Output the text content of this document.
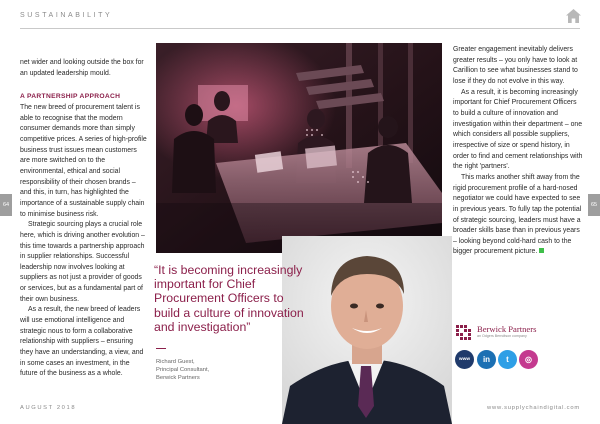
SUSTAINABILITY

net wider and looking outside the box for an updated leadership mould.

A PARTNERSHIP APPROACH

The new breed of procurement talent is able to recognise that the modern consumer demands more than simply competitive prices. A series of high-profile business trust issues mean customers are more switched on to the environmental, ethical and social responsibility of their chosen brands – and this, in turn, has highlighted the importance of a sustainable supply chain to minimise business risk.

Strategic sourcing plays a crucial role here, which is driving another evolution – this time towards a partnership approach in supplier relationships. Successful leadership now involves looking at suppliers as not just a provider of goods or services, but as a fundamental part of their own business.

As a result, the new breed of leaders will use emotional intelligence and strategic nous to form a collaborative relationship with suppliers – ensuring they have an understanding, a view, and in some cases an investment, in the future of the business as a whole.

Greater engagement inevitably delivers greater results – you only have to look at Carillion to see what businesses stand to lose if they do not evolve in this way.

As a result, it is becoming increasingly important for Chief Procurement Officers to build a culture of innovation and investigation within their department – one which considers all possible suppliers, irrespective of size or spend history, in order to find and cement relationships with the right 'partners'.

This marks another shift away from the rigid procurement profile of a hard-nosed negotiator we could have expected to see in previous years. To fully tap the potential of strategic sourcing, leaders must have a broader skills base than in previous years – looking beyond cold-hard cash to the bigger procurement picture.

“It is becoming increasingly important for Chief Procurement Officers to build a culture of innovation and investigation”
Richard Guest,
Principal Consultant,
Berwick Partners
Berwick Partners
an Odgers Berndtson company
www	in	t	◎
64	65
AUGUST 2018	www.supplychaindigital.com
